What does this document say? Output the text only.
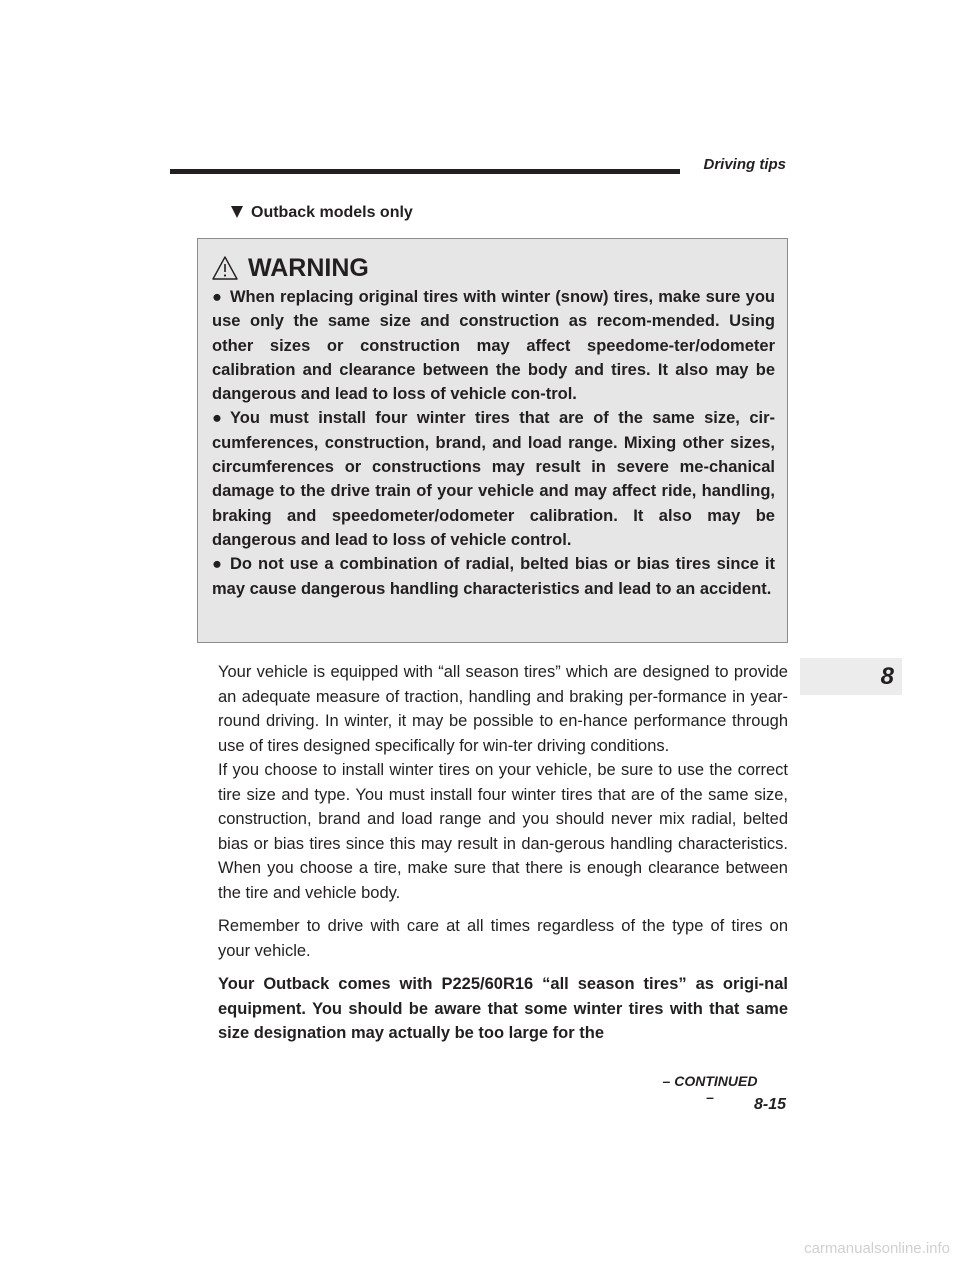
Driving tips
Outback models only
WARNING

● When replacing original tires with winter (snow) tires, make sure you use only the same size and construction as recom-mended. Using other sizes or construction may affect speedome-ter/odometer calibration and clearance between the body and tires. It also may be dangerous and lead to loss of vehicle con-trol.

● You must install four winter tires that are of the same size, cir-cumferences, construction, brand, and load range. Mixing other sizes, circumferences or constructions may result in severe me-chanical damage to the drive train of your vehicle and may affect ride, handling, braking and speedometer/odometer calibration. It also may be dangerous and lead to loss of vehicle control.

● Do not use a combination of radial, belted bias or bias tires since it may cause dangerous handling characteristics and lead to an accident.

Your vehicle is equipped with “all season tires” which are designed to provide an adequate measure of traction, handling and braking per-formance in year-round driving. In winter, it may be possible to en-hance performance through use of tires designed specifically for win-ter driving conditions.

If you choose to install winter tires on your vehicle, be sure to use the correct tire size and type. You must install four winter tires that are of the same size, construction, brand and load range and you should never mix radial, belted bias or bias tires since this may result in dan-gerous handling characteristics. When you choose a tire, make sure that there is enough clearance between the tire and vehicle body.

Remember to drive with care at all times regardless of the type of tires on your vehicle.

Your Outback comes with P225/60R16 “all season tires” as origi-nal equipment. You should be aware that some winter tires with that same size designation may actually be too large for the

– CONTINUED –	8-15
8
carmanualsonline.info
